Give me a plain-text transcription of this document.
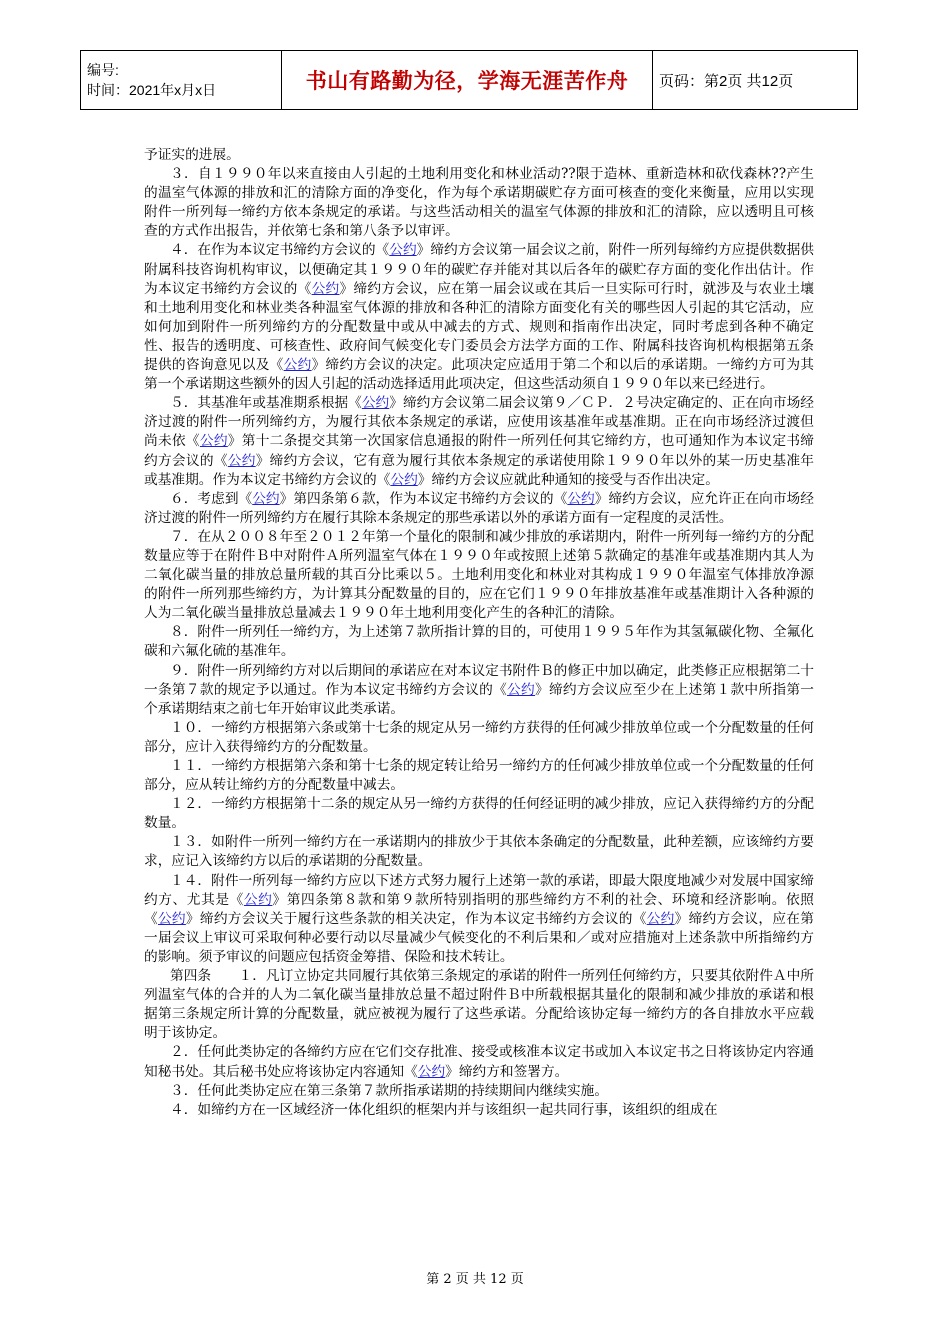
编号:
时间：2021年x月x日	书山有路勤为径，学海无涯苦作舟	页码：第2页 共12页

予证实的进展。

３．自１９９０年以来直接由人引起的土地利用变化和林业活动??限于造林、重新造林和砍伐森林??产生的温室气体源的排放和汇的清除方面的净变化，作为每个承诺期碳贮存方面可核查的变化来衡量，应用以实现附件一所列每一缔约方依本条规定的承诺。与这些活动相关的温室气体源的排放和汇的清除，应以透明且可核查的方式作出报告，并依第七条和第八条予以审评。

４．在作为本议定书缔约方会议的《公约》缔约方会议第一届会议之前，附件一所列每缔约方应提供数据供附属科技咨询机构审议，以便确定其１９９０年的碳贮存并能对其以后各年的碳贮存方面的变化作出估计。作为本议定书缔约方会议的《公约》缔约方会议，应在第一届会议或在其后一旦实际可行时，就涉及与农业土壤和土地利用变化和林业类各种温室气体源的排放和各种汇的清除方面变化有关的哪些因人引起的其它活动，应如何加到附件一所列缔约方的分配数量中或从中减去的方式、规则和指南作出决定，同时考虑到各种不确定性、报告的透明度、可核查性、政府间气候变化专门委员会方法学方面的工作、附属科技咨询机构根据第五条提供的咨询意见以及《公约》缔约方会议的决定。此项决定应适用于第二个和以后的承诺期。一缔约方可为其第一个承诺期这些额外的因人引起的活动选择适用此项决定，但这些活动须自１９９０年以来已经进行。

５．其基准年或基准期系根据《公约》缔约方会议第二届会议第９／ＣＰ．２号决定确定的、正在向市场经济过渡的附件一所列缔约方，为履行其依本条规定的承诺，应使用该基准年或基准期。正在向市场经济过渡但尚未依《公约》第十二条提交其第一次国家信息通报的附件一所列任何其它缔约方，也可通知作为本议定书缔约方会议的《公约》缔约方会议，它有意为履行其依本条规定的承诺使用除１９９０年以外的某一历史基准年或基准期。作为本议定书缔约方会议的《公约》缔约方会议应就此种通知的接受与否作出决定。

６．考虑到《公约》第四条第６款，作为本议定书缔约方会议的《公约》缔约方会议，应允许正在向市场经济过渡的附件一所列缔约方在履行其除本条规定的那些承诺以外的承诺方面有一定程度的灵活性。

７．在从２００８年至２０１２年第一个量化的限制和减少排放的承诺期内，附件一所列每一缔约方的分配数量应等于在附件Ｂ中对附件Ａ所列温室气体在１９９０年或按照上述第５款确定的基准年或基准期内其人为二氧化碳当量的排放总量所载的其百分比乘以５。土地利用变化和林业对其构成１９９０年温室气体排放净源的附件一所列那些缔约方，为计算其分配数量的目的，应在它们１９９０年排放基准年或基准期计入各种源的人为二氧化碳当量排放总量减去１９９０年土地利用变化产生的各种汇的清除。

８．附件一所列任一缔约方，为上述第７款所指计算的目的，可使用１９９５年作为其氢氟碳化物、全氟化碳和六氟化硫的基准年。

９．附件一所列缔约方对以后期间的承诺应在对本议定书附件Ｂ的修正中加以确定，此类修正应根据第二十一条第７款的规定予以通过。作为本议定书缔约方会议的《公约》缔约方会议应至少在上述第１款中所指第一个承诺期结束之前七年开始审议此类承诺。

１０．一缔约方根据第六条或第十七条的规定从另一缔约方获得的任何减少排放单位或一个分配数量的任何部分，应计入获得缔约方的分配数量。

１１．一缔约方根据第六条和第十七条的规定转让给另一缔约方的任何减少排放单位或一个分配数量的任何部分，应从转让缔约方的分配数量中减去。

１２．一缔约方根据第十二条的规定从另一缔约方获得的任何经证明的减少排放，应记入获得缔约方的分配数量。

１３．如附件一所列一缔约方在一承诺期内的排放少于其依本条确定的分配数量，此种差额，应该缔约方要求，应记入该缔约方以后的承诺期的分配数量。

１４．附件一所列每一缔约方应以下述方式努力履行上述第一款的承诺，即最大限度地减少对发展中国家缔约方、尤其是《公约》第四条第８款和第９款所特别指明的那些缔约方不利的社会、环境和经济影响。依照《公约》缔约方会议关于履行这些条款的相关决定，作为本议定书缔约方会议的《公约》缔约方会议，应在第一届会议上审议可采取何种必要行动以尽量减少气候变化的不利后果和／或对应措施对上述条款中所指缔约方的影响。须予审议的问题应包括资金筹措、保险和技术转让。

第四条　　１．凡订立协定共同履行其依第三条规定的承诺的附件一所列任何缔约方，只要其依附件Ａ中所列温室气体的合并的人为二氧化碳当量排放总量不超过附件Ｂ中所载根据其量化的限制和减少排放的承诺和根据第三条规定所计算的分配数量，就应被视为履行了这些承诺。分配给该协定每一缔约方的各自排放水平应载明于该协定。

２．任何此类协定的各缔约方应在它们交存批准、接受或核准本议定书或加入本议定书之日将该协定内容通知秘书处。其后秘书处应将该协定内容通知《公约》缔约方和签署方。

３．任何此类协定应在第三条第７款所指承诺期的持续期间内继续实施。

４．如缔约方在一区域经济一体化组织的框架内并与该组织一起共同行事，该组织的组成在

第 2 页 共 12 页
